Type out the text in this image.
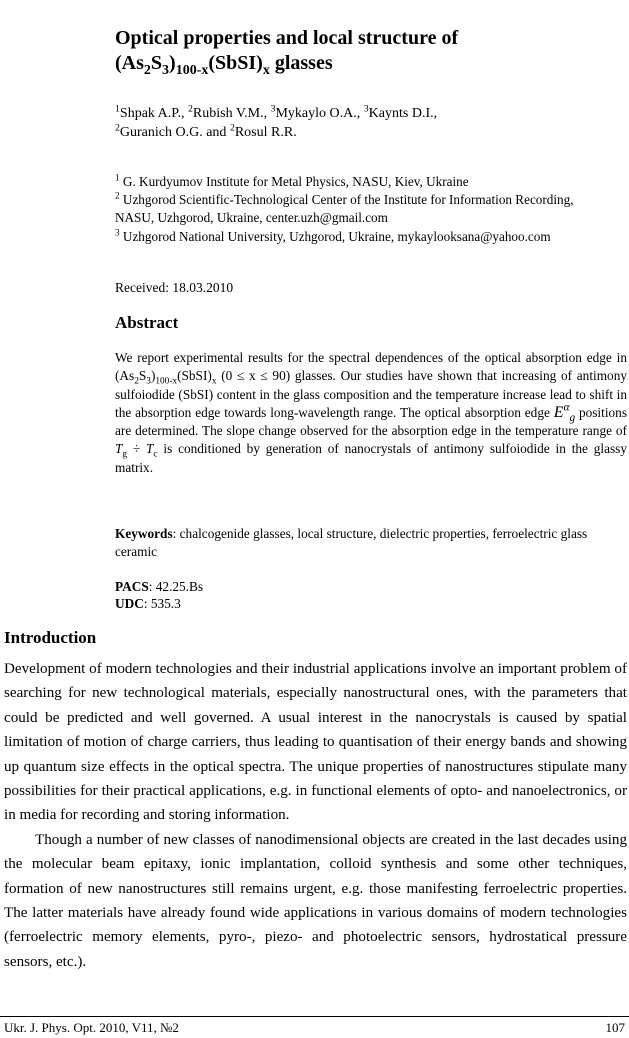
Optical properties and local structure of
$(As_2S_3)_{100-x}(SbSI)_x$ glasses
$^1$Shpak A.P., $^2$Rubish V.M., $^3$Mykaylo O.A., $^3$Kaynts D.I.,
$^2$Guranich O.G. and $^2$Rosul R.R.
$^1$ G. Kurdyumov Institute for Metal Physics, NASU, Kiev, Ukraine
$^2$ Uzhgorod Scientific-Technological Center of the Institute for Information Recording, NASU, Uzhgorod, Ukraine, center.uzh@gmail.com
$^3$ Uzhgorod National University, Uzhgorod, Ukraine, mykaylooksana@yahoo.com
Received: 18.03.2010
Abstract
We report experimental results for the spectral dependences of the optical absorption edge in $(As_2S_3)_{100-x}(SbSI)_x$ (0 ≤ x ≤ 90) glasses. Our studies have shown that increasing of antimony sulfoiodide (SbSI) content in the glass composition and the temperature increase lead to shift in the absorption edge towards long-wavelength range. The optical absorption edge $E^\alpha_g$ positions are determined. The slope change observed for the absorption edge in the temperature range of $T_g \div T_c$ is conditioned by generation of nanocrystals of antimony sulfoiodide in the glassy matrix.
Keywords: chalcogenide glasses, local structure, dielectric properties, ferroelectric glass ceramic
PACS: 42.25.Bs
UDC: 535.3
Introduction

Development of modern technologies and their industrial applications involve an important problem of searching for new technological materials, especially nanostructural ones, with the parameters that could be predicted and well governed. A usual interest in the nanocrystals is caused by spatial limitation of motion of charge carriers, thus leading to quantisation of their energy bands and showing up quantum size effects in the optical spectra. The unique properties of nanostructures stipulate many possibilities for their practical applications, e.g. in functional elements of opto- and nanoelectronics, or in media for recording and storing information.

Though a number of new classes of nanodimensional objects are created in the last decades using the molecular beam epitaxy, ionic implantation, colloid synthesis and some other techniques, formation of new nanostructures still remains urgent, e.g. those manifesting ferroelectric properties. The latter materials have already found wide applications in various domains of modern technologies (ferroelectric memory elements, pyro-, piezo- and photoelectric sensors, hydrostatical pressure sensors, etc.).

Ukr. J. Phys. Opt. 2010, V11, №2	107
